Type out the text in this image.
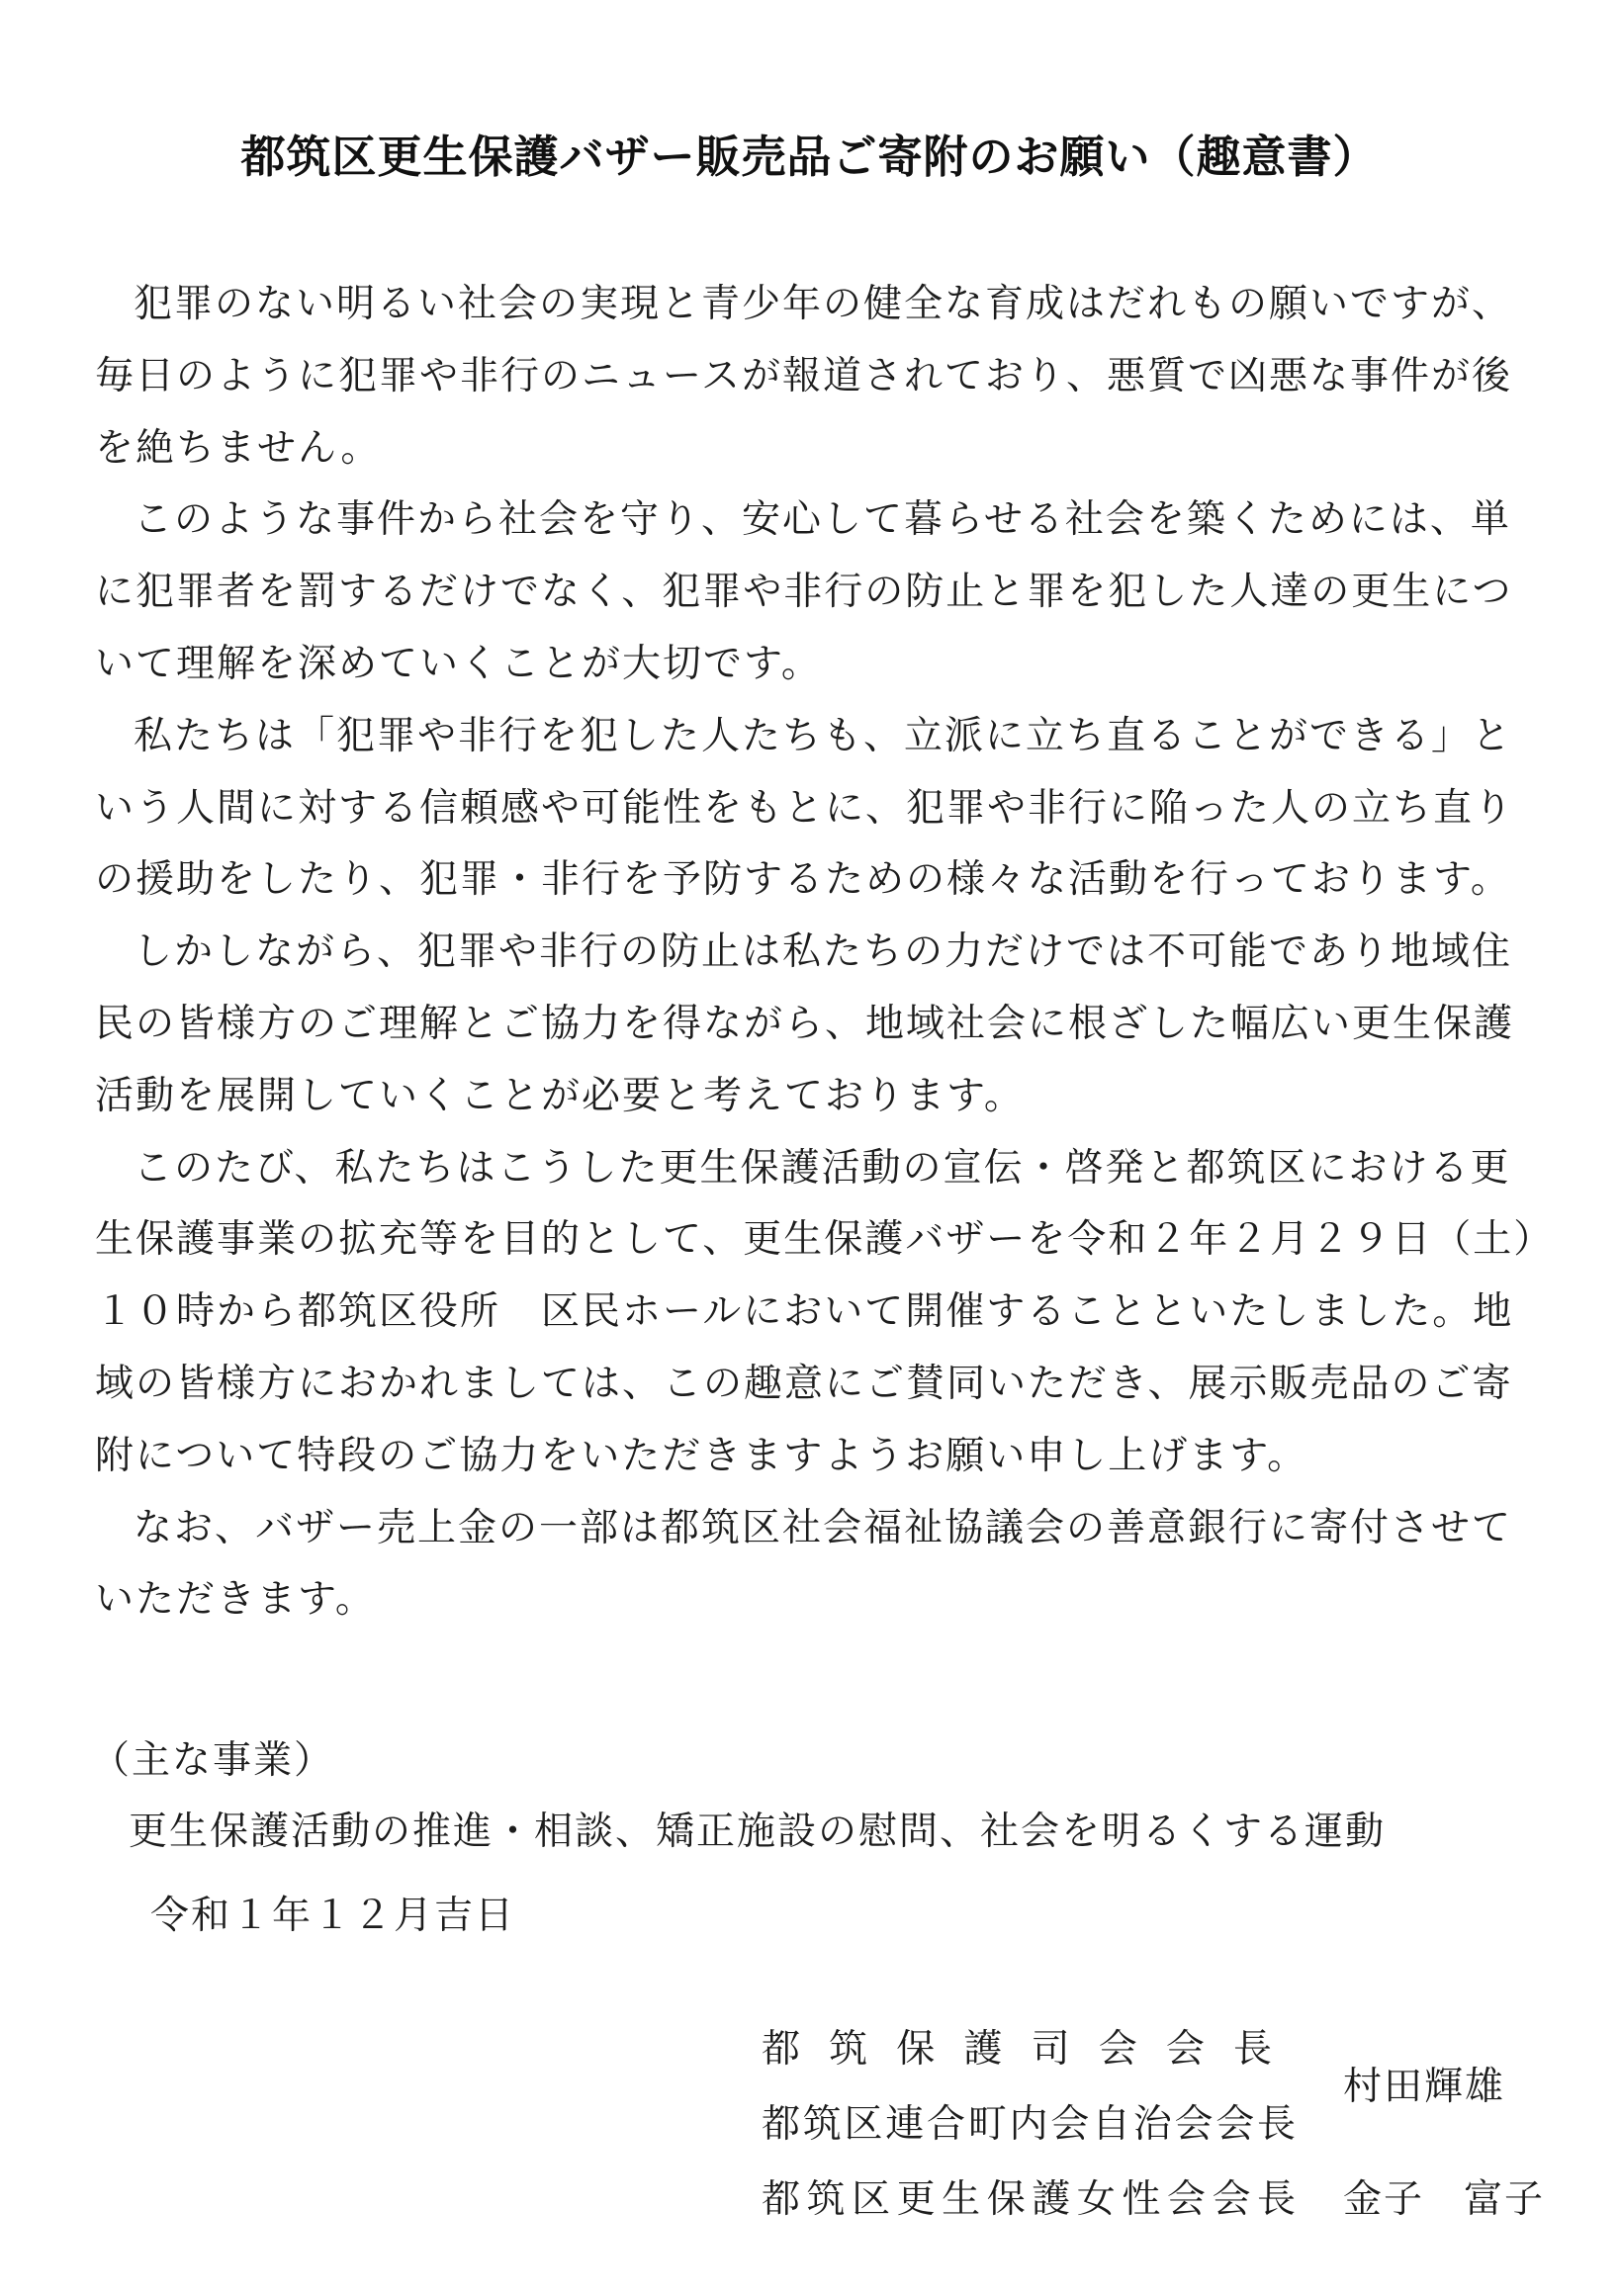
都筑区更生保護バザー販売品ご寄附のお願い（趣意書）

犯罪のない明るい社会の実現と青少年の健全な育成はだれもの願いですが、毎日のように犯罪や非行のニュースが報道されており、悪質で凶悪な事件が後を絶ちません。

このような事件から社会を守り、安心して暮らせる社会を築くためには、単に犯罪者を罰するだけでなく、犯罪や非行の防止と罪を犯した人達の更生について理解を深めていくことが大切です。

私たちは「犯罪や非行を犯した人たちも、立派に立ち直ることができる」という人間に対する信頼感や可能性をもとに、犯罪や非行に陥った人の立ち直りの援助をしたり、犯罪・非行を予防するための様々な活動を行っております。

しかしながら、犯罪や非行の防止は私たちの力だけでは不可能であり地域住民の皆様方のご理解とご協力を得ながら、地域社会に根ざした幅広い更生保護活動を展開していくことが必要と考えております。

このたび、私たちはこうした更生保護活動の宣伝・啓発と都筑区における更生保護事業の拡充等を目的として、更生保護バザーを令和２年２月２９日（土）１０時から都筑区役所　区民ホールにおいて開催することといたしました。地域の皆様方におかれましては、この趣意にご賛同いただき、展示販売品のご寄附について特段のご協力をいただきますようお願い申し上げます。

なお、バザー売上金の一部は都筑区社会福祉協議会の善意銀行に寄付させていただきます。

（主な事業）

更生保護活動の推進・相談、矯正施設の慰問、社会を明るくする運動

令和１年１２月吉日
都筑保護司会会長
村田輝雄
都筑区連合町内会自治会会長
都筑区更生保護女性会会長 金子 富子
